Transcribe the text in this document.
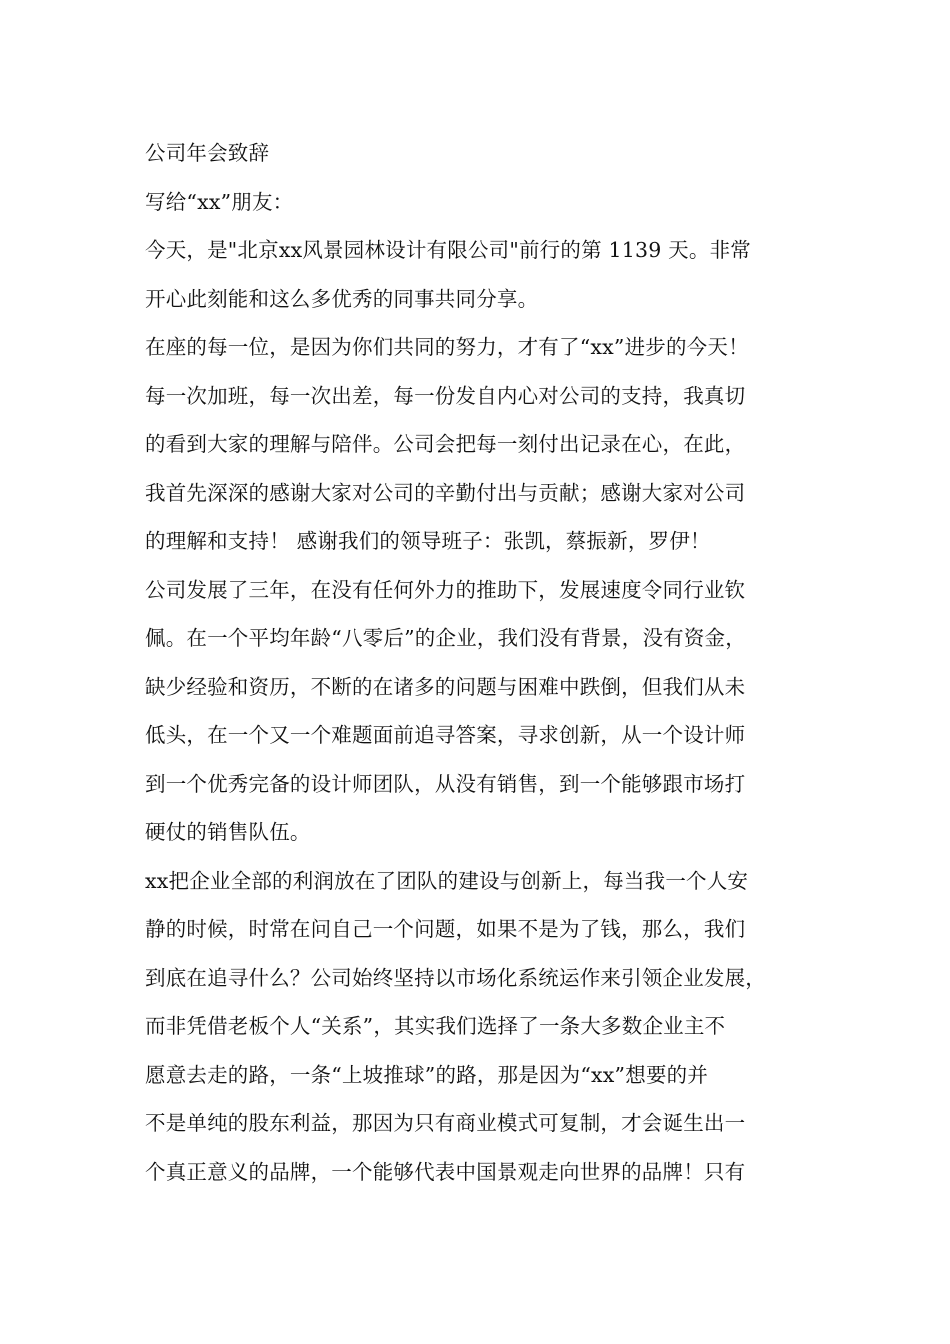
公司年会致辞
写给“xx”朋友：
今天，是"北京xx风景园林设计有限公司"前行的第 1139 天。非常
开心此刻能和这么多优秀的同事共同分享。
在座的每一位，是因为你们共同的努力，才有了“xx”进步的今天！
每一次加班，每一次出差，每一份发自内心对公司的支持，我真切
的看到大家的理解与陪伴。公司会把每一刻付出记录在心，在此，
我首先深深的感谢大家对公司的辛勤付出与贡献；感谢大家对公司
的理解和支持！ 感谢我们的领导班子：张凯，蔡振新，罗伊！
公司发展了三年，在没有任何外力的推助下，发展速度令同行业钦
佩。在一个平均年龄“八零后”的企业，我们没有背景，没有资金，
缺少经验和资历，不断的在诸多的问题与困难中跌倒，但我们从未
低头，在一个又一个难题面前追寻答案，寻求创新，从一个设计师
到一个优秀完备的设计师团队，从没有销售，到一个能够跟市场打
硬仗的销售队伍。
xx把企业全部的利润放在了团队的建设与创新上，每当我一个人安
静的时候，时常在问自己一个问题，如果不是为了钱，那么，我们
到底在追寻什么？公司始终坚持以市场化系统运作来引领企业发展，
而非凭借老板个人“关系”，其实我们选择了一条大多数企业主不
愿意去走的路，一条“上坡推球”的路，那是因为“xx”想要的并
不是单纯的股东利益，那因为只有商业模式可复制，才会诞生出一
个真正意义的品牌，一个能够代表中国景观走向世界的品牌！只有
